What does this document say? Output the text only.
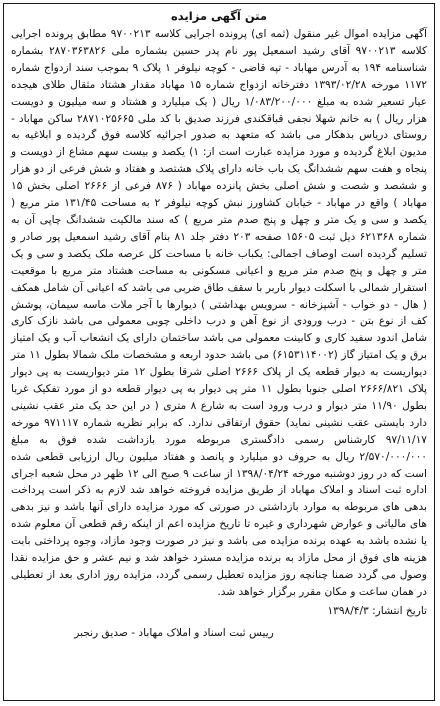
متن آگهی مزایده

آگهی مزایده اموال غیر منقول (ثمه ای) پرونده اجرایی کلاسه ۹۷۰۰۲۱۳ مطابق پرونده اجرایی کلاسه ۹۷۰۰۲۱۳ آقای رشید اسمعیل پور نام پدر حسین بشماره ملی ۲۸۷۰۳۶۳۸۲۶ بشماره شناسنامه ۱۹۴ به آدرس مهاباد - تپه قاضی - کوچه نیلوفر ۱ پلاک ۹ بموجب سند ازدواج شماره ۱۱۷۲ مورخه ۱۳۹۳/۰۲/۲۸ دفترخانه ازدواج شماره ۱۵ مهاباد مقدار هشتاد مثقال طلای هیجده عیار تسعیر شده به مبلغ ۱/۰۸۳/۲۰۰/۰۰۰ ریال ( یک میلیارد و هشتاد و سه میلیون و دویست هزار ریال ) به خانم شهلا نجفی قباقکندی فرزند صدیق با کد ملی ۲۸۷۱۰۲۵۶۶۵ ساکن مهاباد - روستای دریاس بدهکار می باشد که متعهد به صدور اجرائیه کلاسه فوق گردیده و ابلاغیه به مدیون ابلاغ گردیده و مورد مزایده عبارت است از: ۱) یکصد و بیست سهم مشاع از دویست و پنجاه و هفت سهم ششدانگ یک باب خانه دارای پلاک هشتصد و هفتاد و شش فرعی از دو هزار و ششصد و شصت و شش اصلی بخش پانزده مهاباد ( ۸۷۶ فرعی از ۲۶۶۶ اصلی بخش ۱۵ مهاباد ) واقع در مهاباد - خیابان کشاورز نبش کوچه نیلوفر ۲ به مساحت ۱۳۱/۴۵ متر مربع ( یکصد و سی و یک متر و چهل و پنج صدم متر مربع ) که سند مالکیت ششدانگ چاپی آن به شماره ۶۲۱۳۶۸ دیل ثبت ۱۵۶۰۵ صفحه ۲۰۳ دفتر جلد ۸۱ بنام آقای رشید اسمعیل پور صادر و تسلیم گردیده است اوصاف اجمالی: یکباب خانه با مساحت کل عرصه ملک یکصد و سی و یک متر و چهل و پنج صدم متر مربع و اعیانی مسکونی به مساحت هشتاد متر مربع با موقعیت استقرار شمالی با اسکلت دیوار باربر با سقف طاق ضربی می باشد که اعیانی آن شامل همکف ( هال - دو خواب - آشپزخانه - سرویس بهداشتی ) دیوارها با آجر ملات ماسه سیمان، پوشش کف از نوع بتن - درب ورودی از نوع آهن و درب داخلی چوبی معمولی می باشد نازک کاری شامل اندود سفید کاری و کابینت معمولی می باشد ساختمان دارای یک انشعاب آب و یک امتیاز برق و یک امتیاز گاز (۶۱۵۳۱۱۴۰۰۲) می باشد حدود اربعه و مشخصات ملک شمالا بطول ۱۱ متر دیواریست به دیوار قطعه یک از پلاک ۲۶۶۶ اصلی شرقا بطول ۱۲ متر دیواریست به پی دیوار پلاک ۲۶۶۶/۸۲۱ اصلی جنوبا بطول ۱۱ متر پی دیوار به پی دیوار قطعه دو از مورد تفکیک غربا بطول ۱۱/۹۰ متر دیوار و درب ورود است به شارع ۸ متری ( در این حد یک متر عقب نشینی دارد بایستی عقب نشینی نماید) حقوق ارتفاقی ندارد. که برابر نظریه شماره ۹۷۱۱۱۷ مورخه ۹۷/۱۱/۱۷ کارشناس رسمی دادگستری مربوطه مورد بازداشت شده فوق به مبلغ ۲/۵۷۰/۰۰۰/۰۰۰ ریال به حروف دو میلیارد و پانصد و هفتاد میلیون ریال ارزیابی قطعی شده است که در روز دوشنبه مورخه ۱۳۹۸/۰۴/۲۴ از ساعت ۹ صبح الی ۱۲ ظهر در محل شعبه اجرای اداره ثبت اسناد و املاک مهاباد از طریق مزایده فروخته خواهد شد لازم به ذکر است پرداخت بدهی های مربوطه به موارد بازداشتی در صورتی که مورد مزایده دارای آنها باشد و نیز بدهی های مالیاتی و عوارض شهرداری و غیره تا تاریخ مزایده اعم از اینکه رقم قطعی آن معلوم شده یا نشده باشد به عهده برنده مزایده می باشد و نیز در صورت وجود مازاد، وجوه پرداختی بابت هزینه های فوق از محل مازاد به برنده مزایده مسترد خواهد شد و نیم عشر و حق مزایده نقدا وصول می گردد ضمنا چنانچه روز مزایده تعطیل رسمی گردد، مزایده روز اداری بعد از تعطیلی در همان ساعت و مکان مقرر برگزار خواهد شد.

تاریخ انتشار: ۱۳۹۸/۴/۳
رییس ثبت اسناد و املاک مهاباد - صدیق رنجبر
